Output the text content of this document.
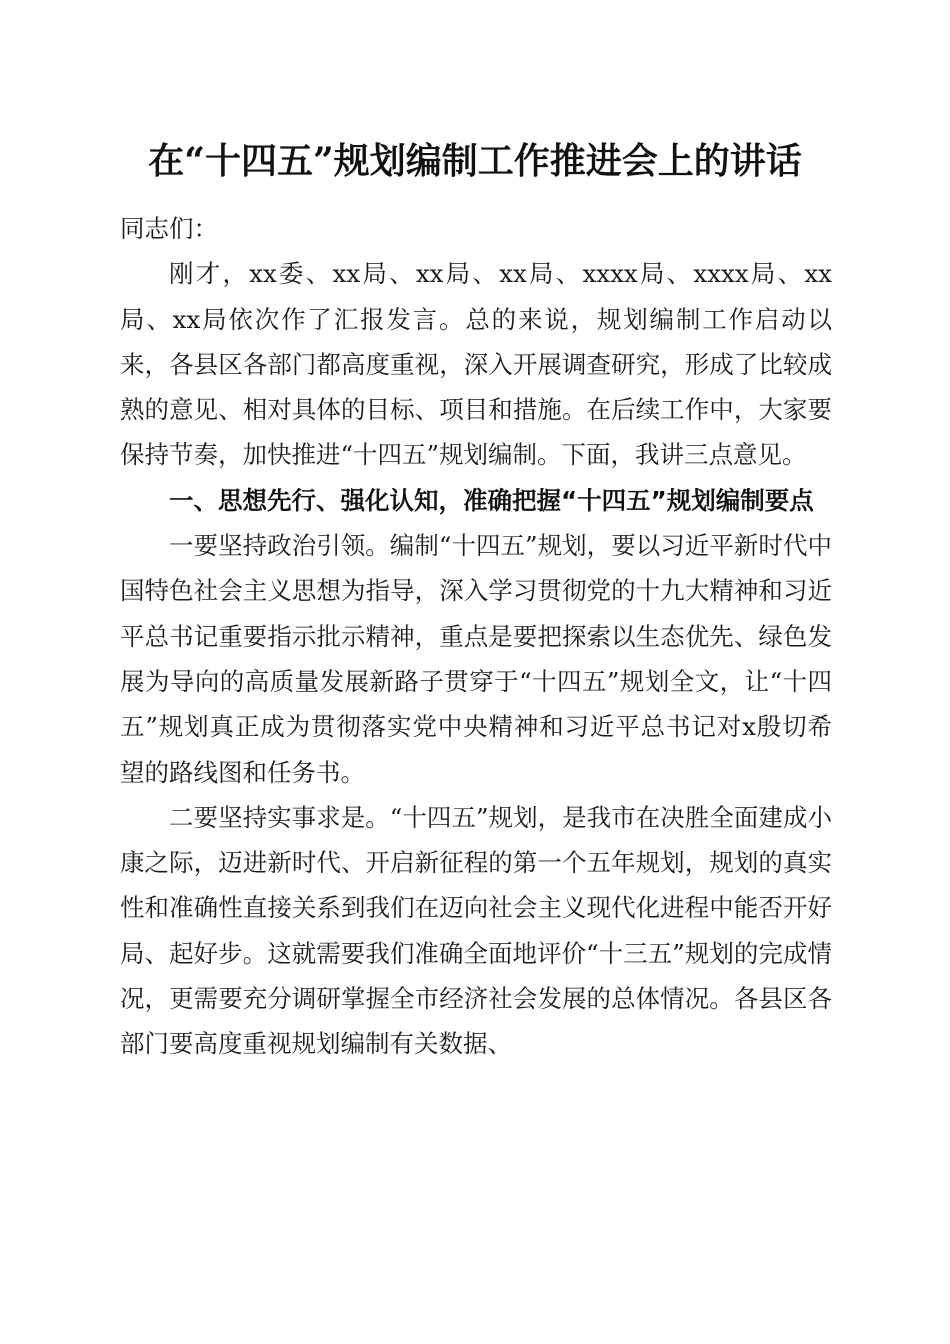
在“十四五”规划编制工作推进会上的讲话

同志们：

刚才，xx委、xx局、xx局、xx局、xxxx局、xxxx局、xx局、xx局依次作了汇报发言。总的来说，规划编制工作启动以来，各县区各部门都高度重视，深入开展调查研究，形成了比较成熟的意见、相对具体的目标、项目和措施。在后续工作中，大家要保持节奏，加快推进“十四五”规划编制。下面，我讲三点意见。

一、思想先行、强化认知，准确把握“十四五”规划编制要点

一要坚持政治引领。编制“十四五”规划，要以习近平新时代中国特色社会主义思想为指导，深入学习贯彻党的十九大精神和习近平总书记重要指示批示精神，重点是要把探索以生态优先、绿色发展为导向的高质量发展新路子贯穿于“十四五”规划全文，让“十四五”规划真正成为贯彻落实党中央精神和习近平总书记对x殷切希望的路线图和任务书。

二要坚持实事求是。“十四五”规划，是我市在决胜全面建成小康之际，迈进新时代、开启新征程的第一个五年规划，规划的真实性和准确性直接关系到我们在迈向社会主义现代化进程中能否开好局、起好步。这就需要我们准确全面地评价“十三五”规划的完成情况，更需要充分调研掌握全市经济社会发展的总体情况。各县区各部门要高度重视规划编制有关数据、
